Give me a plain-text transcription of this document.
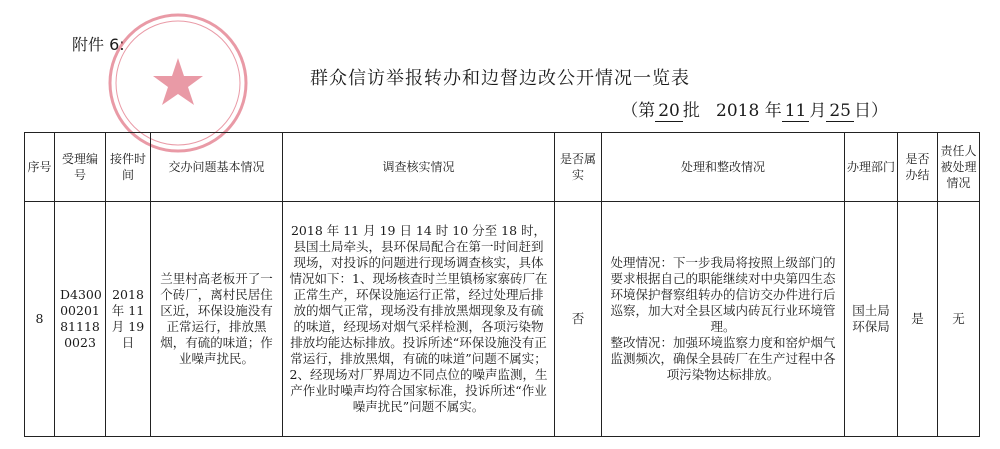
附件 6:
群众信访举报转办和边督边改公开情况一览表
（第 20 批 2018 年 11 月 25 日）
序号	受理编号	接件时间	交办问题基本情况	调查核实情况	是否属实	处理和整改情况	办理部门	是否办结	责任人被处理情况
8	D4300 00201 81118 0023	2018 年 11 月 19 日	兰里村高老板开了一个砖厂，离村民居住区近，环保设施没有正常运行，排放黑烟，有硫的味道；作业噪声扰民。	2018 年 11 月 19 日 14 时 10 分至 18 时，县国土局牵头，县环保局配合在第一时间赶到现场，对投诉的问题进行现场调查核实，具体情况如下：1、现场核查时兰里镇杨家寨砖厂在正常生产，环保设施运行正常，经过处理后排放的烟气正常，现场没有排放黑烟现象及有硫的味道，经现场对烟气采样检测，各项污染物排放均能达标排放。投诉所述“环保设施没有正常运行，排放黑烟，有硫的味道”问题不属实；2、经现场对厂界周边不同点位的噪声监测，生产作业时噪声均符合国家标准，投诉所述“作业噪声扰民”问题不属实。	否	处理情况：下一步我局将按照上级部门的要求根据自己的职能继续对中央第四生态环境保护督察组转办的信访交办件进行后巡察，加大对全县区域内砖瓦行业环境管理。
整改情况：加强环境监察力度和窑炉烟气监测频次，确保全县砖厂在生产过程中各项污染物达标排放。	国土局环保局	是	无
